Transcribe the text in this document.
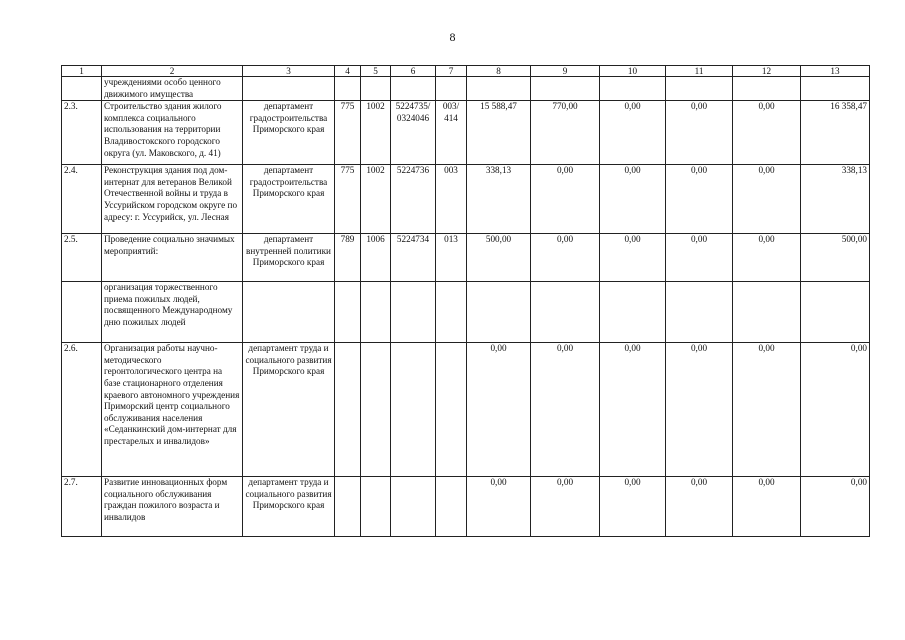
8
1	2	3	4	5	6	7	8	9	10	11	12	13
	учреждениями особо ценного движимого имущества											
2.3.	Строительство здания жилого комплекса социального использования на территории Владивостокского городского округа (ул. Маковского, д. 41)	департамент градостроительства Приморского края	775	1002	5224735/ 0324046	003/ 414	15 588,47	770,00	0,00	0,00	0,00	16 358,47
2.4.	Реконструкция здания под дом-интернат для ветеранов Великой Отечественной войны и труда в Уссурийском городском округе по адресу: г. Уссурийск, ул. Лесная	департамент градостроительства Приморского края	775	1002	5224736	003	338,13	0,00	0,00	0,00	0,00	338,13
2.5.	Проведение социально значимых мероприятий:	департамент внутренней политики Приморского края	789	1006	5224734	013	500,00	0,00	0,00	0,00	0,00	500,00
	организация торжественного приема пожилых людей, посвященного Международному дню пожилых людей											
2.6.	Организация работы научно-методического геронтологического центра на базе стационарного отделения краевого автономного учреждения Приморский центр социального обслуживания населения «Седанкинский дом-интернат для престарелых и инвалидов»	департамент труда и социального развития Приморского края					0,00	0,00	0,00	0,00	0,00	0,00
2.7.	Развитие инновационных форм социального обслуживания граждан пожилого возраста и инвалидов	департамент труда и социального развития Приморского края					0,00	0,00	0,00	0,00	0,00	0,00
